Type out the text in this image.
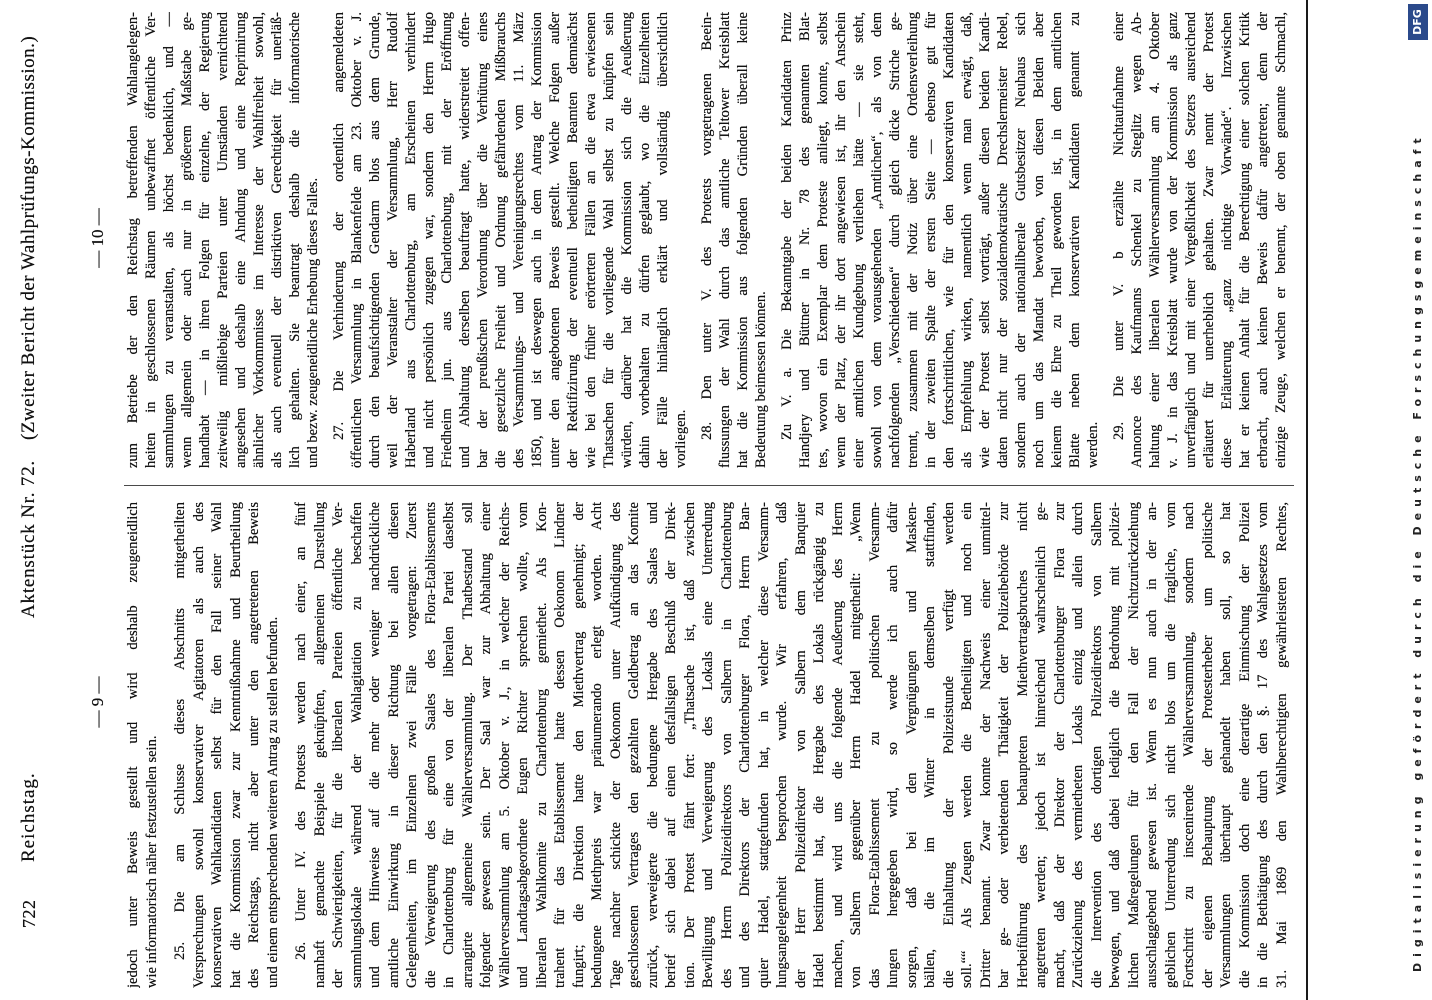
722
Reichstag.
Aktenstück Nr. 72.
(Zweiter Bericht der Wahlprüfungs-Kommission.)
— 9 —
— 10 —
jedoch unter Beweis gestellt und wird deshalb zeugeneidlich wie informatorisch näher festzustellen sein. 25. Die am Schlusse dieses Abschnitts mitgetheilten Versprechungen sowohl konservativer Agitatoren als auch des konservativen Wahlkandidaten selbst für den Fall seiner Wahl hat die Kommission zwar zur Kenntnißnahme und Beurtheilung des Reichstags, nicht aber unter den angetretenen Beweis und einem entsprechenden weiteren Antrag zu stellen befunden. 26. Unter IV. des Protests werden nach einer, an fünf namhaft gemachte Beispiele geknüpften, allgemeinen Darstellung der Schwierigkeiten, für die liberalen Parteien öffentliche Ver- sammlungslokale während der Wahlagitation zu beschaffen und dem Hinweise auf die mehr oder weniger nachdrückliche amtliche Einwirkung in dieser Richtung bei allen diesen Gelegenheiten, im Einzelnen zwei Fälle vorgetragen: Zuerst die Verweigerung des großen Saales des Flora-Etablissements in Charlottenburg für eine von der liberalen Partei daselbst arrangirte allgemeine Wählerversammlung. Der Thatbestand soll folgender gewesen sein. Der Saal war zur Abhaltung einer Wählerversammlung am 5. Oktober v. J., in welcher der Reichs- und Landtagsabgeordnete Eugen Richter sprechen wollte, vom liberalen Wahlkomite zu Charlottenburg gemiethet. Als Kon- trahent für das Etablissement hatte dessen Oekonom Lindner fungirt; die Direktion hatte den Miethvertrag genehmigt; der bedungene Miethpreis war pränumerando erlegt worden. Acht Tage nachher schickte der Oekonom unter Aufkündigung des geschlossenen Vertrages den gezahlten Geldbetrag an das Komite zurück, verweigerte die bedungene Hergabe des Saales und berief sich dabei auf einen desfallsigen Beschluß der Direk- tion. Der Protest fährt fort: „Thatsache ist, daß zwischen Bewilligung und Verweigerung des Lokals eine Unterredung des Herrn Polizeidirektors von Salbern in Charlottenburg und des Direktors der Charlottenburger Flora, Herrn Ban- quier Hadel, stattgefunden hat, in welcher diese Versamm- lungsangelegenheit besprochen wurde. Wir erfahren, daß der Herr Polizeidirektor von Salbern dem Banquier Hadel bestimmt hat, die Hergabe des Lokals rückgängig zu machen, und wird uns die folgende Aeußerung des Herrn von Salbern gegenüber Herrn Hadel mitgetheilt: „Wenn das Flora-Etablissement zu politischen Versamm- lungen hergegeben wird, so werde ich auch dafür sorgen, daß bei den Vergnügungen und Masken- bällen, die im Winter in demselben stattfinden, die Einhaltung der Polizeistunde verfügt werden soll.““ Als Zeugen werden die Betheiligten und noch ein Dritter benannt. Zwar konnte der Nachweis einer unmittel- bar ge- oder verbietenden Thätigkeit der Polizeibehörde zur Herbeiführung des behaupteten Miethvertragsbruches nicht angetreten werden; jedoch ist hinreichend wahrscheinlich ge- macht, daß der Direktor der Charlottenburger Flora zur Zurückziehung des vermietheten Lokals einzig und allein durch die Intervention des dortigen Polizeidirektors von Salbern bewogen, und daß dabei lediglich die Bedrohung mit polizei- lichen Maßregelungen für den Fall der Nichtzurückziehung ausschlaggebend gewesen ist. Wenn es nun auch in der an- geblichen Unterredung sich nicht blos um die fragliche, vom Fortschritt zu inscenirende Wählerversammlung, sondern nach der eigenen Behauptung der Protesterheber um politische Versammlungen überhaupt gehandelt haben soll, so hat die Kommission doch eine derartige Einmischung der Polizei in die Bethätigung des durch den §. 17 des Wahlgesetzes vom 31. Mai 1869 den Wahlberechtigten gewährleisteten Rechtes,
zum Betriebe der den Reichstag betreffenden Wahlangelegen- heiten in geschlossenen Räumen unbewaffnet öffentliche Ver- sammlungen zu veranstalten, als höchst bedenklich, und — wenn allgemein oder auch nur in größerem Maßstabe ge- handhabt — in ihren Folgen für einzelne, der Regierung zeitweilig mißliebige Parteien unter Umständen vernichtend angesehen und deshalb eine Ahndung und eine Reprimirung ähnlicher Vorkommnisse im Interesse der Wahlfreiheit sowohl, als auch eventuell der distriktiven Gerechtigkeit für unerläß- lich gehalten. Sie beantragt deshalb die informatorische und bezw. zeugeneidliche Erhebung dieses Falles. 27. Die Verhinderung der ordentlich angemeldeten öffentlichen Versammlung in Blankenfelde am 23. Oktober v. J. durch den beaufsichtigenden Gendarm blos aus dem Grunde, weil der Veranstalter der Versammlung, Herr Rudolf Haberland aus Charlottenburg, am Erscheinen verhindert und nicht persönlich zugegen war, sondern den Herrn Hugo Friedheim jun. aus Charlottenburg, mit der Eröffnung und Abhaltung derselben beauftragt hatte, widerstreitet offen- bar der preußischen Verordnung über die Verhütung eines die gesetzliche Freiheit und Ordnung gefährdenden Mißbrauchs des Versammlungs- und Vereinigungsrechtes vom 11. März 1850, und ist deswegen auch in dem Antrag der Kommission unter den angebotenen Beweis gestellt. Welche Folgen außer der Rektifizirung der eventuell betheiligten Beamten demnächst wie bei den früher erörterten Fällen an die etwa erwiesenen Thatsachen für die vorliegende Wahl selbst zu knüpfen sein würden, darüber hat die Kommission sich die Aeußerung dahin vorbehalten zu dürfen geglaubt, wo die Einzelheiten der Fälle hinlänglich erklärt und vollständig übersichtlich vorliegen. 28. Den unter V. des Protests vorgetragenen Beein- flussungen der Wahl durch das amtliche Teltower Kreisblatt hat die Kommission aus folgenden Gründen überall keine Bedeutung beimessen können. Zu V. a. Die Bekanntgabe der beiden Kandidaten Prinz Handjery und Büttner in Nr. 78 des genannten Blat- tes, wovon ein Exemplar dem Proteste anliegt, konnte, selbst wenn der Platz, der ihr dort angewiesen ist, ihr den Anschein einer amtlichen Kundgebung verliehen hätte — sie steht, sowohl von dem vorausgehenden „Amtlichen“, als von dem nachfolgenden „Verschiedenen“ durch gleich dicke Striche ge- trennt, zusammen mit der Notiz über eine Ordensverleihung in der zweiten Spalte der ersten Seite — ebenso gut für den fortschrittlichen, wie für den konservativen Kandidaten als Empfehlung wirken, namentlich wenn man erwägt, daß, wie der Protest selbst vorträgt, außer diesen beiden Kandi- daten nicht nur der sozialdemokratische Drechslermeister Rebel, sondern auch der nationalliberale Gutsbesitzer Neuhaus sich noch um das Mandat beworben, von diesen Beiden aber keinem die Ehre zu Theil geworden ist, in dem amtlichen Blatte neben dem konservativen Kandidaten genannt zu werden.
29. Die unter V. b erzählte Nichtaufnahme einer Annonce des Kaufmanns Schenkel zu Steglitz wegen Ab- haltung einer liberalen Wählerversammlung am 4. Oktober v. J. in das Kreisblatt wurde von der Kommission als ganz unverfänglich und mit einer Vergeßlichkeit des Setzers ausreichend erläutert für unerheblich gehalten. Zwar nennt der Protest diese Erläuterung „ganz nichtige Vorwände“. Inzwischen hat er keinen Anhalt für die Berechtigung einer solchen Kritik erbracht, auch keinen Beweis dafür angetreten; denn der einzige Zeuge, welchen er benennt, der oben genannte Schmachl,	Digitalisierung gefördert durch die Deutsche Forschungsgemeinschaft
DFG
